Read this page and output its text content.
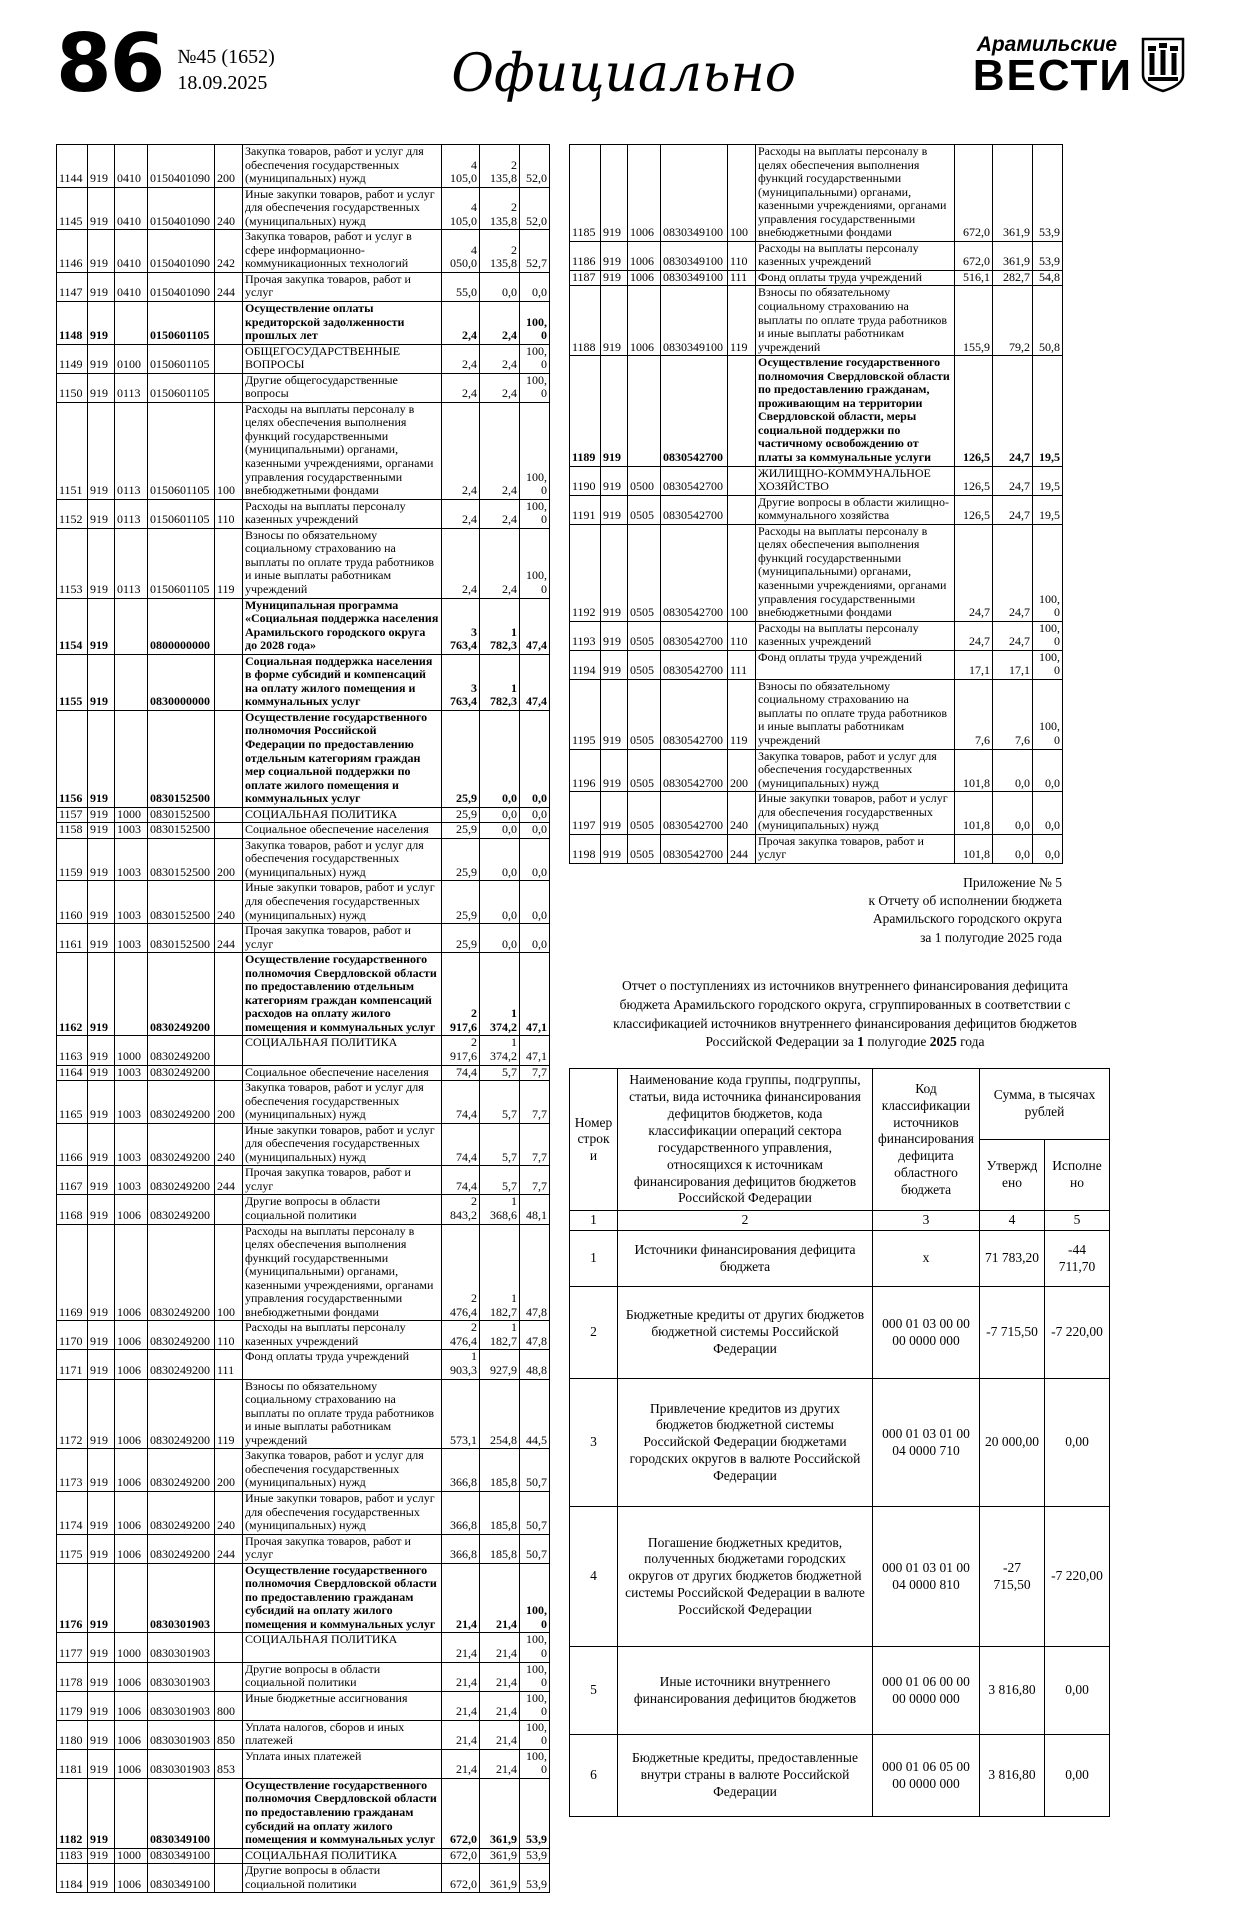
86 №45 (1652)
18.09.2025	Официально	Арамильские
ВЕСТИ
1144	919	0410	0150401090	200	Закупка товаров, работ и услуг для обеспечения государственных (муниципальных) нужд	4 105,0	2 135,8	52,0
1145	919	0410	0150401090	240	Иные закупки товаров, работ и услуг для обеспечения государственных (муниципальных) нужд	4 105,0	2 135,8	52,0
1146	919	0410	0150401090	242	Закупка товаров, работ и услуг в сфере информационно-коммуникационных технологий	4 050,0	2 135,8	52,7
1147	919	0410	0150401090	244	Прочая закупка товаров, работ и услуг	55,0	0,0	0,0
1148	919		0150601105		Осуществление оплаты кредиторской задолженности прошлых лет	2,4	2,4	100,0
1149	919	0100	0150601105		ОБЩЕГОСУДАРСТВЕННЫЕ ВОПРОСЫ	2,4	2,4	100,0
1150	919	0113	0150601105		Другие общегосударственные вопросы	2,4	2,4	100,0
1151	919	0113	0150601105	100	Расходы на выплаты персоналу в целях обеспечения выполнения функций государственными (муниципальными) органами, казенными учреждениями, органами управления государственными внебюджетными фондами	2,4	2,4	100,0
1152	919	0113	0150601105	110	Расходы на выплаты персоналу казенных учреждений	2,4	2,4	100,0
1153	919	0113	0150601105	119	Взносы по обязательному социальному страхованию на выплаты по оплате труда работников и иные выплаты работникам учреждений	2,4	2,4	100,0
1154	919		0800000000		Муниципальная программа «Социальная поддержка населения Арамильского городского округа до 2028 года»	3 763,4	1 782,3	47,4
1155	919		0830000000		Социальная поддержка населения в форме субсидий и компенсаций на оплату жилого помещения и коммунальных услуг	3 763,4	1 782,3	47,4
1156	919		0830152500		Осуществление государственного полномочия Российской Федерации по предоставлению отдельным категориям граждан мер социальной поддержки по оплате жилого помещения и коммунальных услуг	25,9	0,0	0,0
1157	919	1000	0830152500		СОЦИАЛЬНАЯ ПОЛИТИКА	25,9	0,0	0,0
1158	919	1003	0830152500		Социальное обеспечение населения	25,9	0,0	0,0
1159	919	1003	0830152500	200	Закупка товаров, работ и услуг для обеспечения государственных (муниципальных) нужд	25,9	0,0	0,0
1160	919	1003	0830152500	240	Иные закупки товаров, работ и услуг для обеспечения государственных (муниципальных) нужд	25,9	0,0	0,0
1161	919	1003	0830152500	244	Прочая закупка товаров, работ и услуг	25,9	0,0	0,0
1162	919		0830249200		Осуществление государственного полномочия Свердловской области по предоставлению отдельным категориям граждан компенсаций расходов на оплату жилого помещения и коммунальных услуг	2 917,6	1 374,2	47,1
1163	919	1000	0830249200		СОЦИАЛЬНАЯ ПОЛИТИКА	2 917,6	1 374,2	47,1
1164	919	1003	0830249200		Социальное обеспечение населения	74,4	5,7	7,7
1165	919	1003	0830249200	200	Закупка товаров, работ и услуг для обеспечения государственных (муниципальных) нужд	74,4	5,7	7,7
1166	919	1003	0830249200	240	Иные закупки товаров, работ и услуг для обеспечения государственных (муниципальных) нужд	74,4	5,7	7,7
1167	919	1003	0830249200	244	Прочая закупка товаров, работ и услуг	74,4	5,7	7,7
1168	919	1006	0830249200		Другие вопросы в области социальной политики	2 843,2	1 368,6	48,1
1169	919	1006	0830249200	100	Расходы на выплаты персоналу в целях обеспечения выполнения функций государственными (муниципальными) органами, казенными учреждениями, органами управления государственными внебюджетными фондами	2 476,4	1 182,7	47,8
1170	919	1006	0830249200	110	Расходы на выплаты персоналу казенных учреждений	2 476,4	1 182,7	47,8
1171	919	1006	0830249200	111	Фонд оплаты труда учреждений	1 903,3	927,9	48,8
1172	919	1006	0830249200	119	Взносы по обязательному социальному страхованию на выплаты по оплате труда работников и иные выплаты работникам учреждений	573,1	254,8	44,5
1173	919	1006	0830249200	200	Закупка товаров, работ и услуг для обеспечения государственных (муниципальных) нужд	366,8	185,8	50,7
1174	919	1006	0830249200	240	Иные закупки товаров, работ и услуг для обеспечения государственных (муниципальных) нужд	366,8	185,8	50,7
1175	919	1006	0830249200	244	Прочая закупка товаров, работ и услуг	366,8	185,8	50,7
1176	919		0830301903		Осуществление государственного полномочия Свердловской области по предоставлению гражданам субсидий на оплату жилого помещения и коммунальных услуг	21,4	21,4	100,0
1177	919	1000	0830301903		СОЦИАЛЬНАЯ ПОЛИТИКА	21,4	21,4	100,0
1178	919	1006	0830301903		Другие вопросы в области социальной политики	21,4	21,4	100,0
1179	919	1006	0830301903	800	Иные бюджетные ассигнования	21,4	21,4	100,0
1180	919	1006	0830301903	850	Уплата налогов, сборов и иных платежей	21,4	21,4	100,0
1181	919	1006	0830301903	853	Уплата иных платежей	21,4	21,4	100,0
1182	919		0830349100		Осуществление государственного полномочия Свердловской области по предоставлению гражданам субсидий на оплату жилого помещения и коммунальных услуг	672,0	361,9	53,9
1183	919	1000	0830349100		СОЦИАЛЬНАЯ ПОЛИТИКА	672,0	361,9	53,9
1184	919	1006	0830349100		Другие вопросы в области социальной политики	672,0	361,9	53,9
1185	919	1006	0830349100	100	Расходы на выплаты персоналу в целях обеспечения выполнения функций государственными (муниципальными) органами, казенными учреждениями, органами управления государственными внебюджетными фондами	672,0	361,9	53,9
1186	919	1006	0830349100	110	Расходы на выплаты персоналу казенных учреждений	672,0	361,9	53,9
1187	919	1006	0830349100	111	Фонд оплаты труда учреждений	516,1	282,7	54,8
1188	919	1006	0830349100	119	Взносы по обязательному социальному страхованию на выплаты по оплате труда работников и иные выплаты работникам учреждений	155,9	79,2	50,8
1189	919		0830542700		Осуществление государственного полномочия Свердловской области по предоставлению гражданам, проживающим на территории Свердловской области, меры социальной поддержки по частичному освобождению от платы за коммунальные услуги	126,5	24,7	19,5
1190	919	0500	0830542700		ЖИЛИЩНО-КОММУНАЛЬНОЕ ХОЗЯЙСТВО	126,5	24,7	19,5
1191	919	0505	0830542700		Другие вопросы в области жилищно-коммунального хозяйства	126,5	24,7	19,5
1192	919	0505	0830542700	100	Расходы на выплаты персоналу в целях обеспечения выполнения функций государственными (муниципальными) органами, казенными учреждениями, органами управления государственными внебюджетными фондами	24,7	24,7	100,0
1193	919	0505	0830542700	110	Расходы на выплаты персоналу казенных учреждений	24,7	24,7	100,0
1194	919	0505	0830542700	111	Фонд оплаты труда учреждений	17,1	17,1	100,0
1195	919	0505	0830542700	119	Взносы по обязательному социальному страхованию на выплаты по оплате труда работников и иные выплаты работникам учреждений	7,6	7,6	100,0
1196	919	0505	0830542700	200	Закупка товаров, работ и услуг для обеспечения государственных (муниципальных) нужд	101,8	0,0	0,0
1197	919	0505	0830542700	240	Иные закупки товаров, работ и услуг для обеспечения государственных (муниципальных) нужд	101,8	0,0	0,0
1198	919	0505	0830542700	244	Прочая закупка товаров, работ и услуг	101,8	0,0	0,0
Приложение № 5
к Отчету об исполнении бюджета
Арамильского городского округа
за 1 полугодие 2025 года
Отчет о поступлениях из источников внутреннего финансирования дефицита бюджета Арамильского городского округа, сгруппированных в соответствии с классификацией источников внутреннего финансирования дефицитов бюджетов
Российской Федерации за 1 полугодие 2025 года
Номер строки	Наименование кода группы, подгруппы, статьи, вида источника финансирования дефицитов бюджетов, кода классификации операций сектора государственного управления, относящихся к источникам финансирования дефицитов бюджетов Российской Федерации	Код классификации источников финансирования дефицита областного бюджета	Сумма, в тысячах рублей	
			Утверждено	Исполнено
1	2	3	4	5
1	Источники финансирования дефицита бюджета	х	71 783,20	-44 711,70
2	Бюджетные кредиты от других бюджетов бюджетной системы Российской Федерации	000 01 03 00 00 00 0000 000	-7 715,50	-7 220,00
3	Привлечение кредитов из других бюджетов бюджетной системы Российской Федерации бюджетами городских округов в валюте Российской Федерации	000 01 03 01 00 04 0000 710	20 000,00	0,00
4	Погашение бюджетных кредитов, полученных бюджетами городских округов от других бюджетов бюджетной системы Российской Федерации в валюте Российской Федерации	000 01 03 01 00 04 0000 810	-27 715,50	-7 220,00
5	Иные источники внутреннего финансирования дефицитов бюджетов	000 01 06 00 00 00 0000 000	3 816,80	0,00
6	Бюджетные кредиты, предоставленные внутри страны в валюте Российской Федерации	000 01 06 05 00 00 0000 000	3 816,80	0,00
